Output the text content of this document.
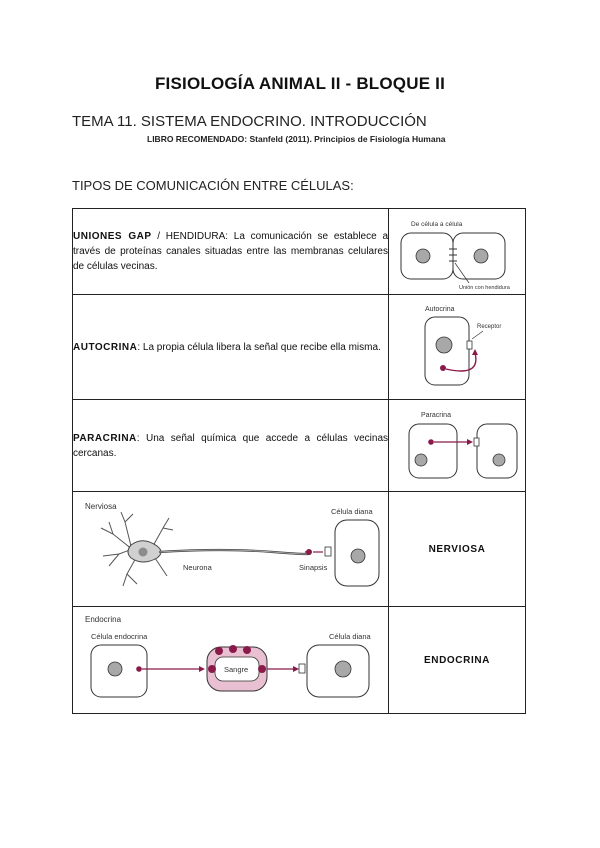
FISIOLOGÍA ANIMAL II - BLOQUE II
TEMA 11. SISTEMA ENDOCRINO. INTRODUCCIÓN
LIBRO RECOMENDADO: Stanfeld (2011). Principios de Fisiología Humana
TIPOS DE COMUNICACIÓN ENTRE CÉLULAS:
UNIONES GAP / HENDIDURA: La comunicación se establece a través de proteínas canales situadas entre las membranas celulares de células vecinas.	De célula a célula
Unión con hendidura

AUTOCRINA: La propia célula libera la señal que recibe ella misma.	Autocrina
Receptor

PARACRINA: Una señal química que accede a células vecinas cercanas.	Paracrina

Nerviosa
Neurona Sinapsis
Célula diana	NERVIOSA

Endocrina
Célula endocrina
Sangre
Célula diana	ENDOCRINA
